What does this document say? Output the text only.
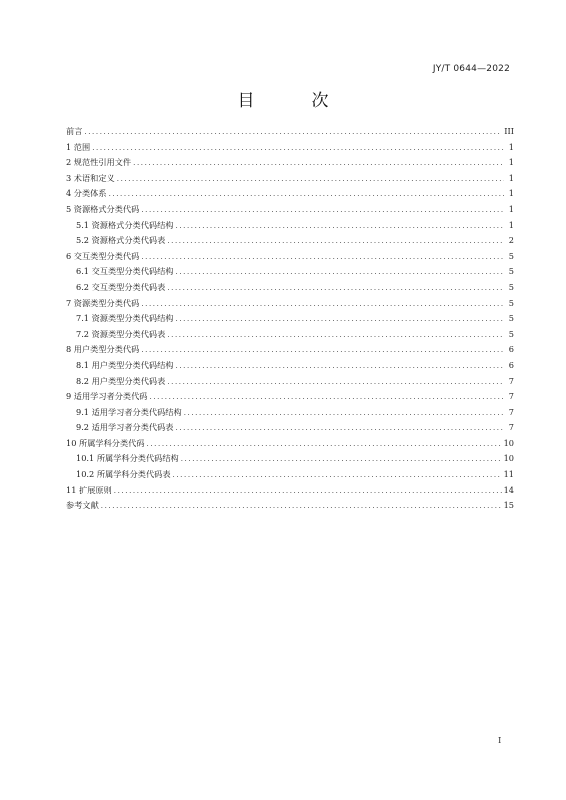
JY/T 0644—2022
目　次
前言 .....	III
1 范围 .....	1
2 规范性引用文件 .....	1
3 术语和定义 .....	1
4 分类体系 .....	1
5 资源格式分类代码 .....	1
5.1 资源格式分类代码结构 .....	1
5.2 资源格式分类代码表 .....	2
6 交互类型分类代码 .....	5
6.1 交互类型分类代码结构 .....	5
6.2 交互类型分类代码表 .....	5
7 资源类型分类代码 .....	5
7.1 资源类型分类代码结构 .....	5
7.2 资源类型分类代码表 .....	5
8 用户类型分类代码 .....	6
8.1 用户类型分类代码结构 .....	6
8.2 用户类型分类代码表 .....	7
9 适用学习者分类代码 .....	7
9.1 适用学习者分类代码结构 .....	7
9.2 适用学习者分类代码表 .....	7
10 所属学科分类代码 .....	10
10.1 所属学科分类代码结构 .....	10
10.2 所属学科分类代码表 .....	11
11 扩展原则 .....	14
参考文献 .....	15
I
